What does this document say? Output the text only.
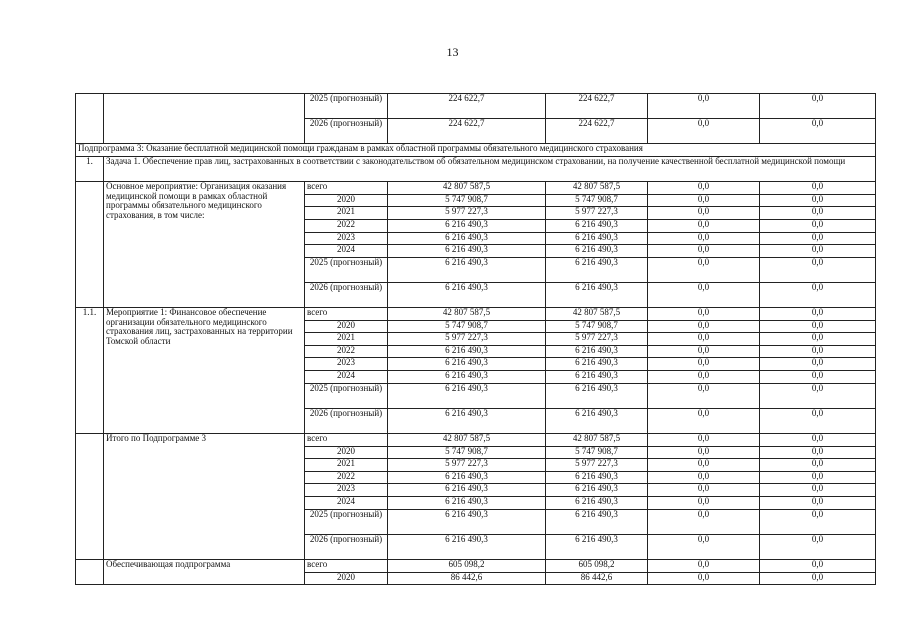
13
		2025 (прогнозный)	224 622,7	224 622,7	0,0	0,0
		2026 (прогнозный)	224 622,7	224 622,7	0,0	0,0
Подпрограмма 3: Оказание бесплатной медицинской помощи гражданам в рамках областной программы обязательного медицинского страхования						
1.	Задача 1. Обеспечение прав лиц, застрахованных в соответствии с законодательством об обязательном медицинском страховании, на получение качественной бесплатной медицинской помощи					
	Основное мероприятие: Организация оказания медицинской помощи в рамках областной программы обязательного медицинского страхования, в том числе:	всего	42 807 587,5	42 807 587,5	0,0	0,0
		2020	5 747 908,7	5 747 908,7	0,0	0,0
		2021	5 977 227,3	5 977 227,3	0,0	0,0
		2022	6 216 490,3	6 216 490,3	0,0	0,0
		2023	6 216 490,3	6 216 490,3	0,0	0,0
		2024	6 216 490,3	6 216 490,3	0,0	0,0
		2025 (прогнозный)	6 216 490,3	6 216 490,3	0,0	0,0
		2026 (прогнозный)	6 216 490,3	6 216 490,3	0,0	0,0
1.1.	Мероприятие 1: Финансовое обеспечение организации обязательного медицинского страхования лиц, застрахованных на территории Томской области	всего	42 807 587,5	42 807 587,5	0,0	0,0
		2020	5 747 908,7	5 747 908,7	0,0	0,0
		2021	5 977 227,3	5 977 227,3	0,0	0,0
		2022	6 216 490,3	6 216 490,3	0,0	0,0
		2023	6 216 490,3	6 216 490,3	0,0	0,0
		2024	6 216 490,3	6 216 490,3	0,0	0,0
		2025 (прогнозный)	6 216 490,3	6 216 490,3	0,0	0,0
		2026 (прогнозный)	6 216 490,3	6 216 490,3	0,0	0,0
	Итого по Подпрограмме 3	всего	42 807 587,5	42 807 587,5	0,0	0,0
		2020	5 747 908,7	5 747 908,7	0,0	0,0
		2021	5 977 227,3	5 977 227,3	0,0	0,0
		2022	6 216 490,3	6 216 490,3	0,0	0,0
		2023	6 216 490,3	6 216 490,3	0,0	0,0
		2024	6 216 490,3	6 216 490,3	0,0	0,0
		2025 (прогнозный)	6 216 490,3	6 216 490,3	0,0	0,0
		2026 (прогнозный)	6 216 490,3	6 216 490,3	0,0	0,0
	Обеспечивающая подпрограмма	всего	605 098,2	605 098,2	0,0	0,0
		2020	86 442,6	86 442,6	0,0	0,0
